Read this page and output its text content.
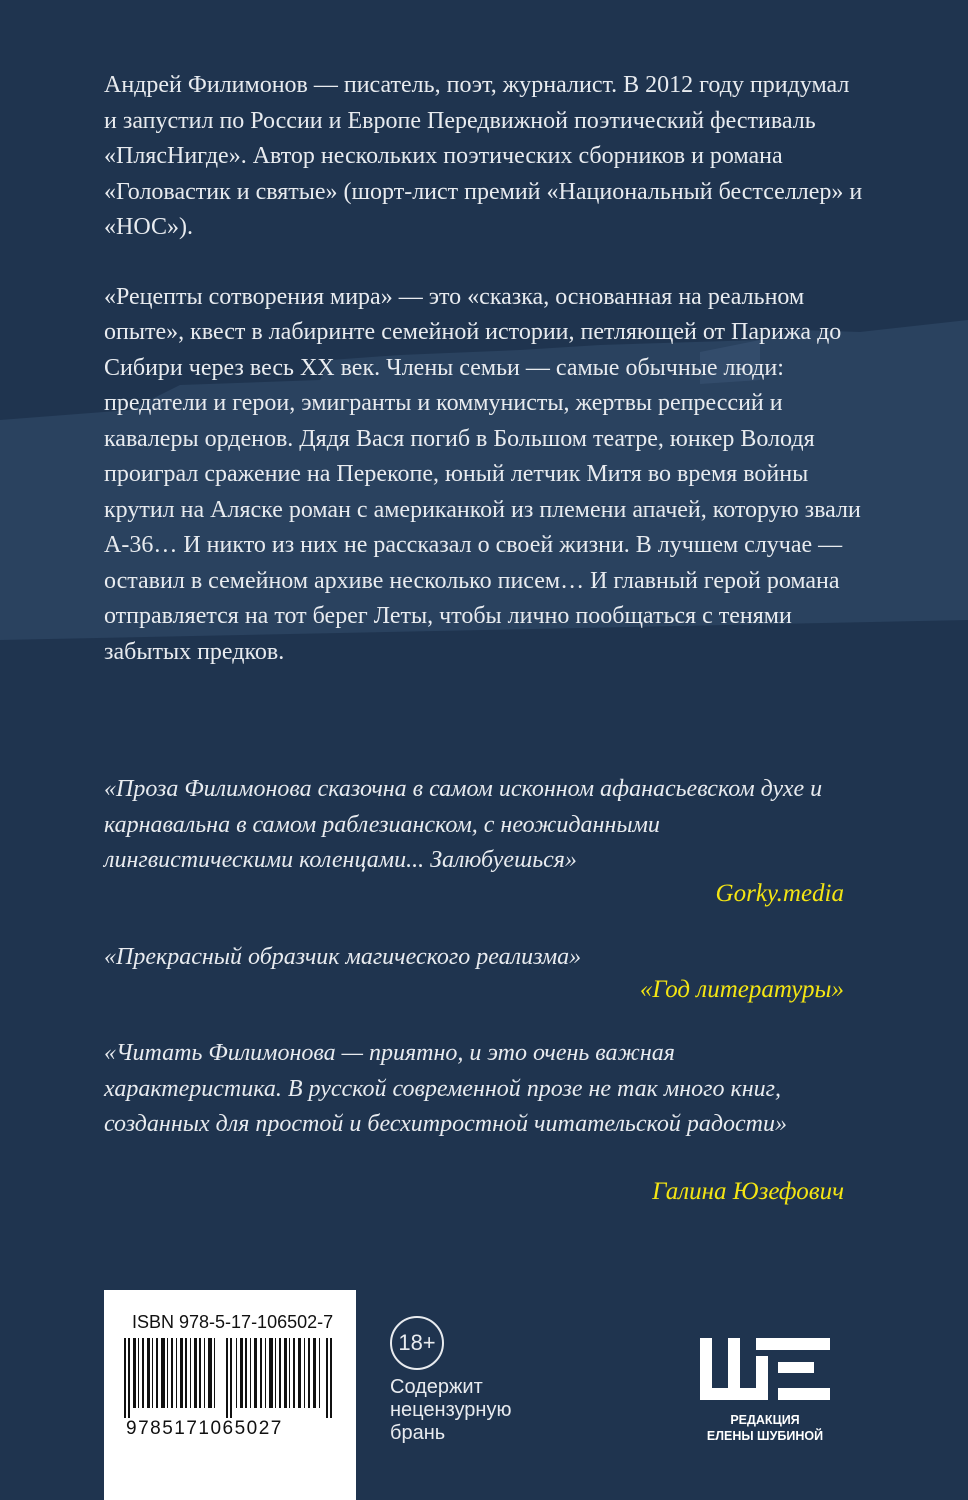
Андрей Филимонов — писатель, поэт, журналист. В 2012 году придумал и запустил по России и Европе Передвижной поэтический фестиваль «ПлясНигде». Автор нескольких поэтических сборников и романа «Головастик и святые» (шорт-лист премий «Национальный бестселлер» и «НОС»).

«Рецепты сотворения мира» — это «сказка, основанная на реальном опыте», квест в лабиринте семейной истории, петляющей от Парижа до Сибири через весь XX век. Члены семьи — самые обычные люди: предатели и герои, эмигранты и коммунисты, жертвы репрессий и кавалеры орденов. Дядя Вася погиб в Большом театре, юнкер Володя проиграл сражение на Перекопе, юный летчик Митя во время войны крутил на Аляске роман с американкой из племени апачей, которую звали А-36… И никто из них не рассказал о своей жизни. В лучшем случае — оставил в семейном архиве несколько писем… И главный герой романа отправляется на тот берег Леты, чтобы лично пообщаться с тенями забытых предков.

«Проза Филимонова сказочна в самом исконном афанасьевском духе и карнавальна в самом раблезианском, с неожиданными лингвистическими коленцами... Залюбуешься»

Gorky.media

«Прекрасный образчик магического реализма»

«Год литературы»

«Читать Филимонова — приятно, и это очень важная характеристика. В русской современной прозе не так много книг, созданных для простой и бесхитростной читательской радости»

Галина Юзефович
ISBN 978-5-17-106502-7
9785171065027
18+
Содержит
нецензурную
брань
РЕДАКЦИЯ
ЕЛЕНЫ ШУБИНОЙ
